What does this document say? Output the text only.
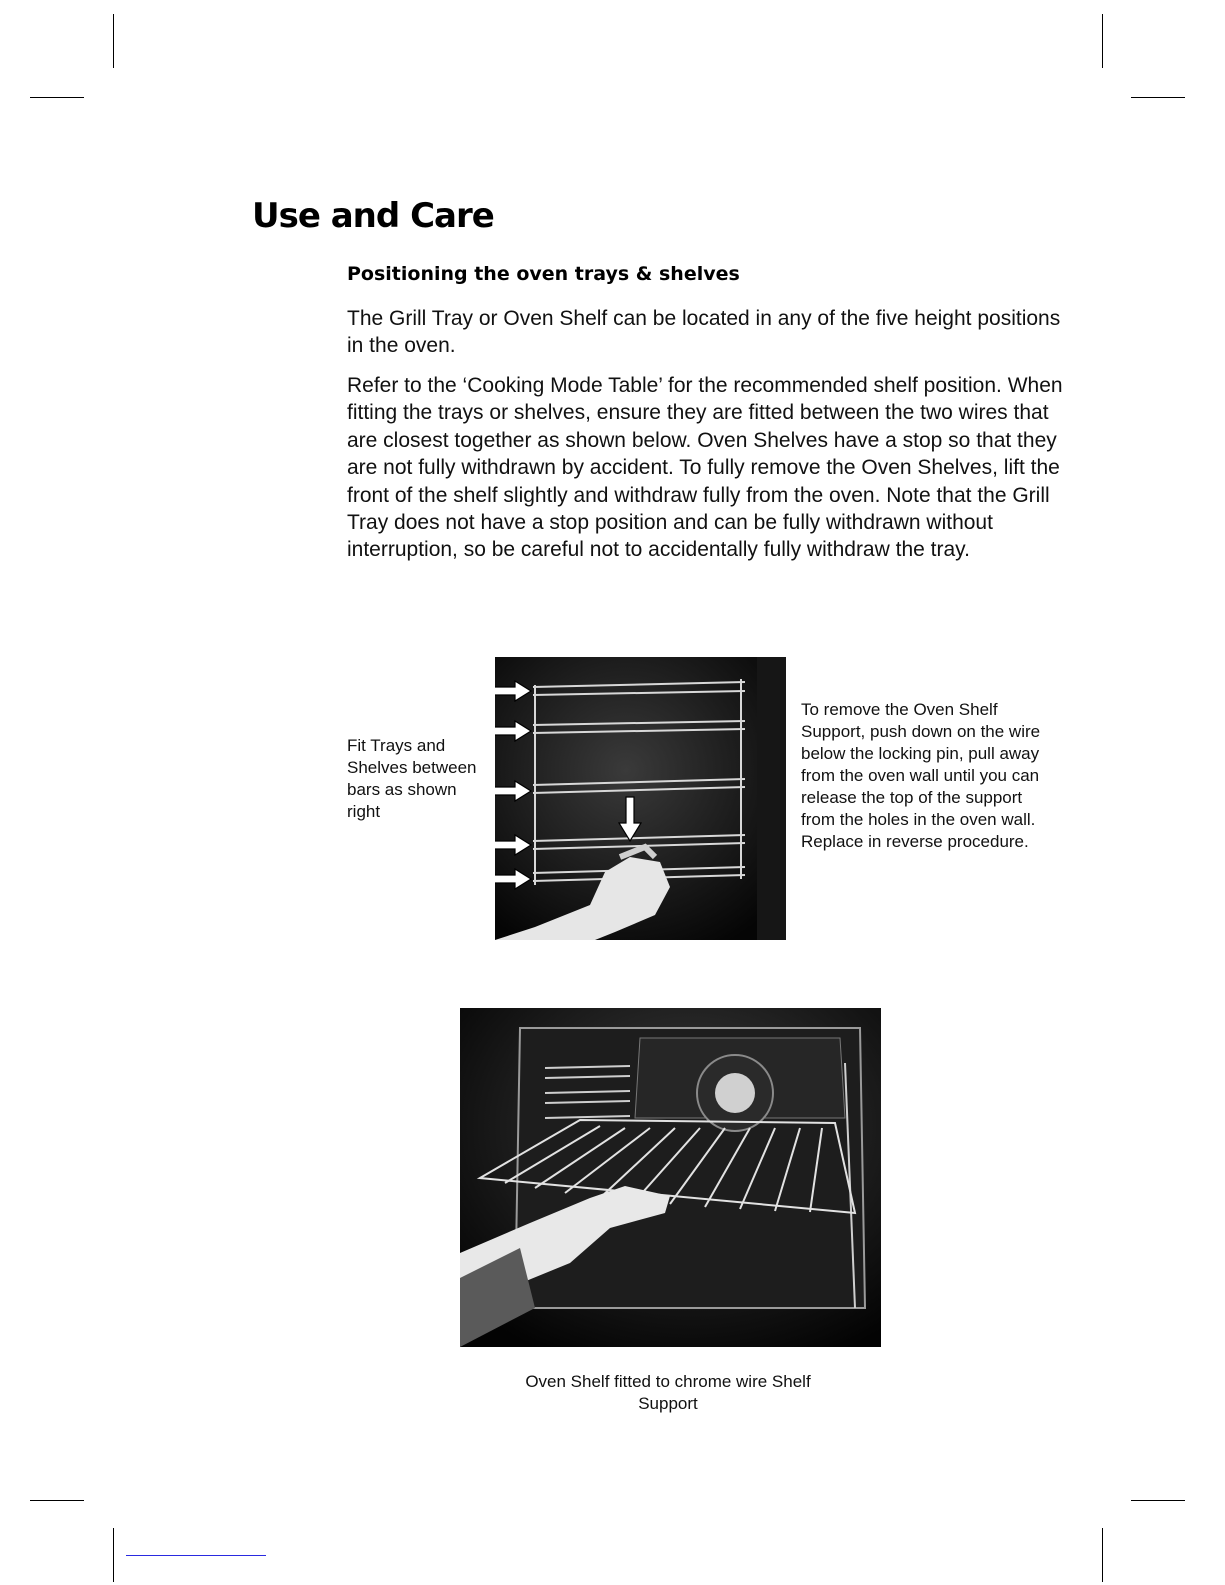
Use and Care
Positioning the oven trays & shelves

The Grill Tray or Oven Shelf can be located in any of the five height positions in the oven.

Refer to the ‘Cooking Mode Table’ for the recommended shelf position. When fitting the trays or shelves, ensure they are fitted between the two wires that are closest together as shown below. Oven Shelves have a stop so that they are not fully withdrawn by accident. To fully remove the Oven Shelves, lift the front of the shelf slightly and withdraw fully from the oven. Note that the Grill Tray does not have a stop position and can be fully withdrawn without interruption, so be careful not to accidentally fully withdraw the tray.

Fit Trays and Shelves between bars as shown right

To remove the Oven Shelf Support, push down on the wire below the locking pin, pull away from the oven wall until you can release the top of the support from the holes in the oven wall. Replace in reverse procedure.

Oven Shelf fitted to chrome wire Shelf Support
